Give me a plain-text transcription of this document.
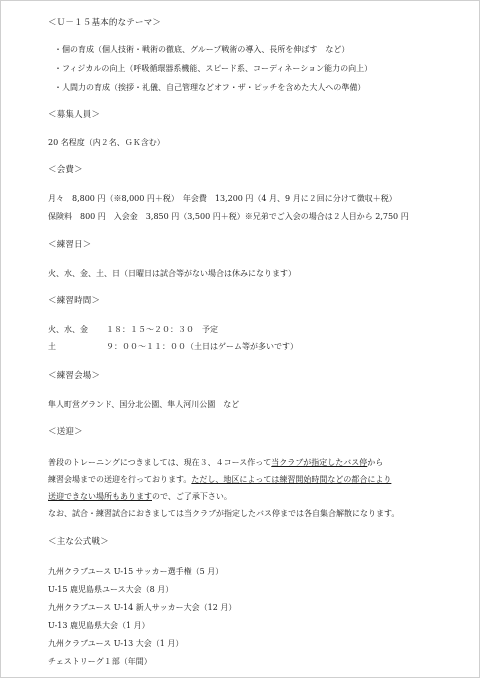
＜Ｕ－１５基本的なテーマ＞
・個の育成（個人技術・戦術の徹底、グループ戦術の導入、長所を伸ばす　など）
・フィジカルの向上（呼吸循環器系機能、スピード系、コーディネーション能力の向上）
・人間力の育成（挨拶・礼儀、自己管理などオフ・ザ・ピッチを含めた大人への準備）
＜募集人員＞
20 名程度（内２名、ＧＫ含む）
＜会費＞
月々　8,800 円（※8,000 円＋税）　年会費　13,200 円（4 月、9 月に２回に分けて徴収＋税）
保険料　800 円　入会金　3,850 円（3,500 円＋税）※兄弟でご入会の場合は２人目から 2,750 円
＜練習日＞
火、水、金、土、日（日曜日は試合等がない場合は休みになります）
＜練習時間＞
火、水、金 １８：１５～２０：３０　予定
土	９：００～１１：００（土日はゲーム等が多いです）
＜練習会場＞
隼人町営グランド、国分北公園、隼人河川公園　など
＜送迎＞
普段のトレーニングにつきましては、現在３、４コース作って当クラブが指定したバス停から
練習会場までの送迎を行っております。ただし、地区によっては練習開始時間などの都合により
送迎できない場所もありますので、ご了承下さい。
なお、試合・練習試合におきましては当クラブが指定したバス停までは各自集合解散になります。
＜主な公式戦＞
九州クラブユース U-15 サッカー選手権（5 月）
U-15 鹿児島県ユース大会（8 月）
九州クラブユース U-14 新人サッカー大会（12 月）
U-13 鹿児島県大会（1 月）
九州クラブユース U-13 大会（1 月）
チェストリーグ１部（年間）
